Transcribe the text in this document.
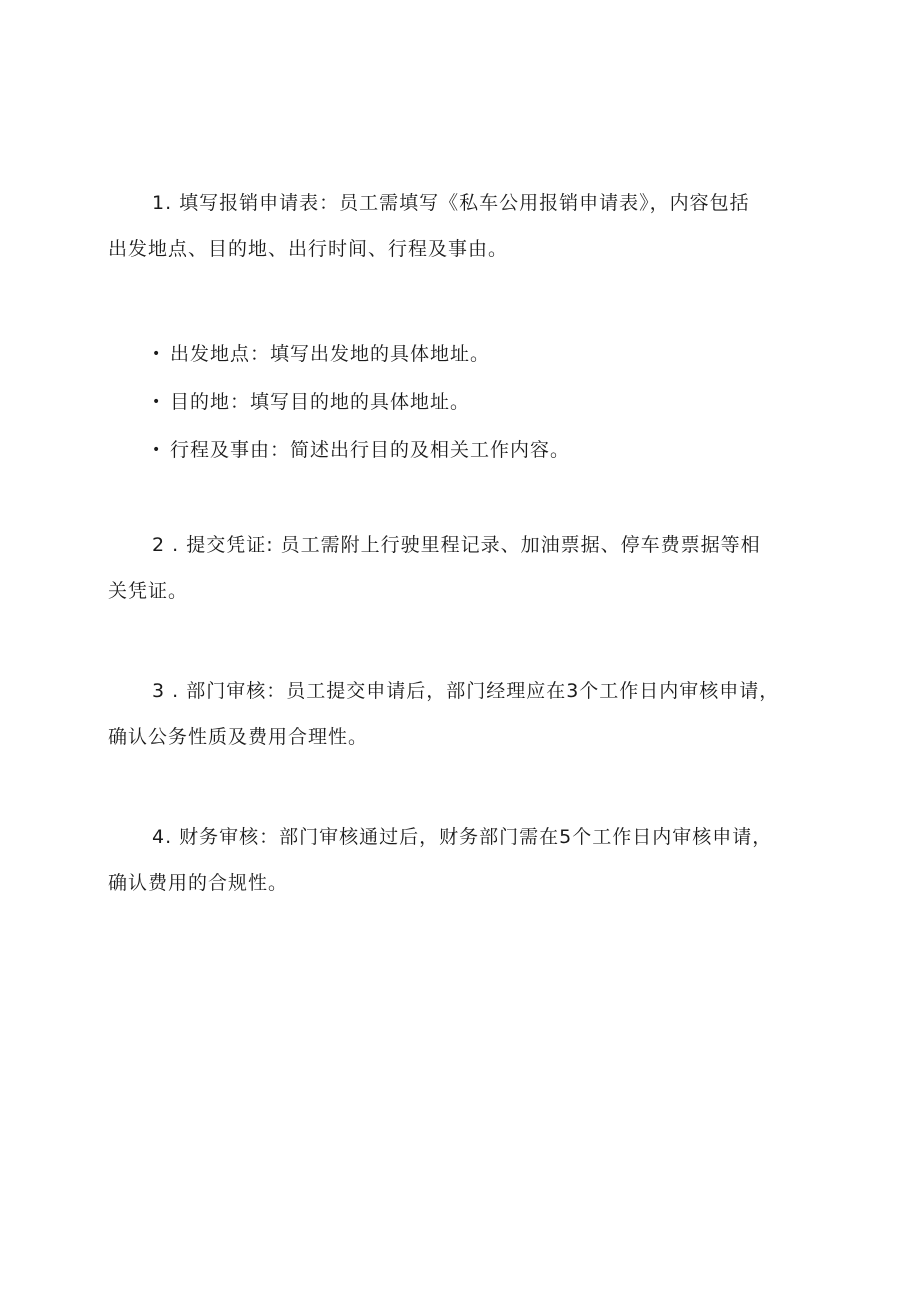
1. 填写报销申请表：员工需填写《私车公用报销申请表》，内容包括
出发地点、目的地、出行时间、行程及事由。

• 出发地点：填写出发地的具体地址。
• 目的地：填写目的地的具体地址。
• 行程及事由：简述出行目的及相关工作内容。

2 . 提交凭证: 员工需附上行驶里程记录、加油票据、停车费票据等相
关凭证。

3 . 部门审核：员工提交申请后，部门经理应在3个工作日内审核申请，
确认公务性质及费用合理性。

4. 财务审核：部门审核通过后，财务部门需在5个工作日内审核申请，
确认费用的合规性。
